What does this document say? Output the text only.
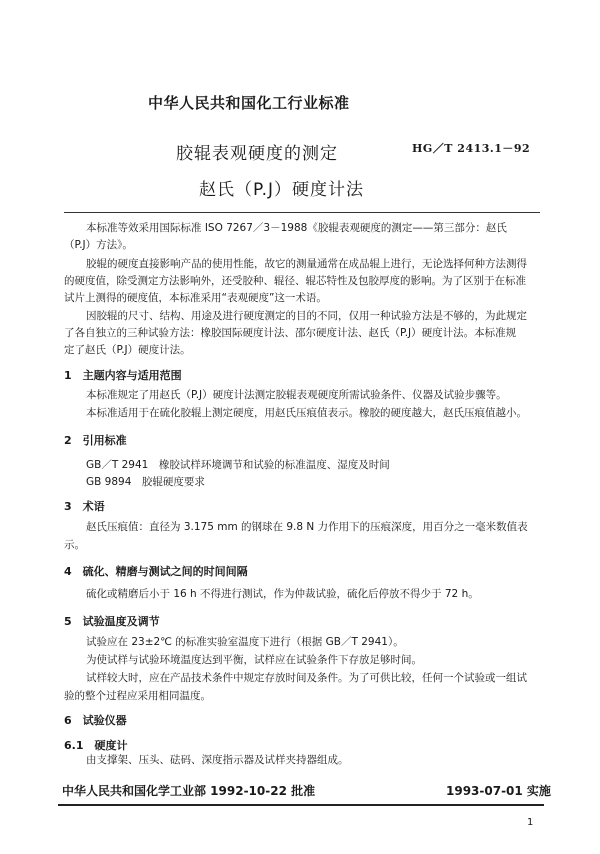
中华人民共和国化工行业标准
HG／T 2413.1－92
胶辊表观硬度的测定
赵氏（P.J）硬度计法
本标准等效采用国际标准 ISO 7267／3－1988《胶辊表观硬度的测定——第三部分：赵氏
（P.J）方法》。
胶辊的硬度直接影响产品的使用性能，故它的测量通常在成品辊上进行，无论选择何种方法测得
的硬度值，除受测定方法影响外，还受胶种、辊径、辊芯特性及包胶厚度的影响。为了区别于在标准
试片上测得的硬度值，本标准采用“表观硬度”这一术语。
因胶辊的尺寸、结构、用途及进行硬度测定的目的不同，仅用一种试验方法是不够的，为此规定
了各自独立的三种试验方法：橡胶国际硬度计法、邵尔硬度计法、赵氏（P.J）硬度计法。本标准规
定了赵氏（P.J）硬度计法。
1　主题内容与适用范围
本标准规定了用赵氏（P.J）硬度计法测定胶辊表观硬度所需试验条件、仪器及试验步骤等。
本标准适用于在硫化胶辊上测定硬度，用赵氏压痕值表示。橡胶的硬度越大，赵氏压痕值越小。
2　引用标准
GB／T 2941　橡胶试样环境调节和试验的标准温度、湿度及时间
GB 9894　胶辊硬度要求
3　术语
赵氏压痕值：直径为 3.175 mm 的钢球在 9.8 N 力作用下的压痕深度，用百分之一毫米数值表
示。
4　硫化、精磨与测试之间的时间间隔
硫化或精磨后小于 16 h 不得进行测试，作为仲裁试验，硫化后停放不得少于 72 h。
5　试验温度及调节
试验应在 23±2℃ 的标准实验室温度下进行（根据 GB／T 2941）。
为使试样与试验环境温度达到平衡，试样应在试验条件下存放足够时间。
试样较大时，应在产品技术条件中规定存放时间及条件。为了可供比较，任何一个试验或一组试
验的整个过程应采用相同温度。
6　试验仪器
6.1　硬度计
由支撑架、压头、砝码、深度指示器及试样夹持器组成。
中华人民共和国化学工业部 1992-10-22 批准	1993-07-01 实施
1
